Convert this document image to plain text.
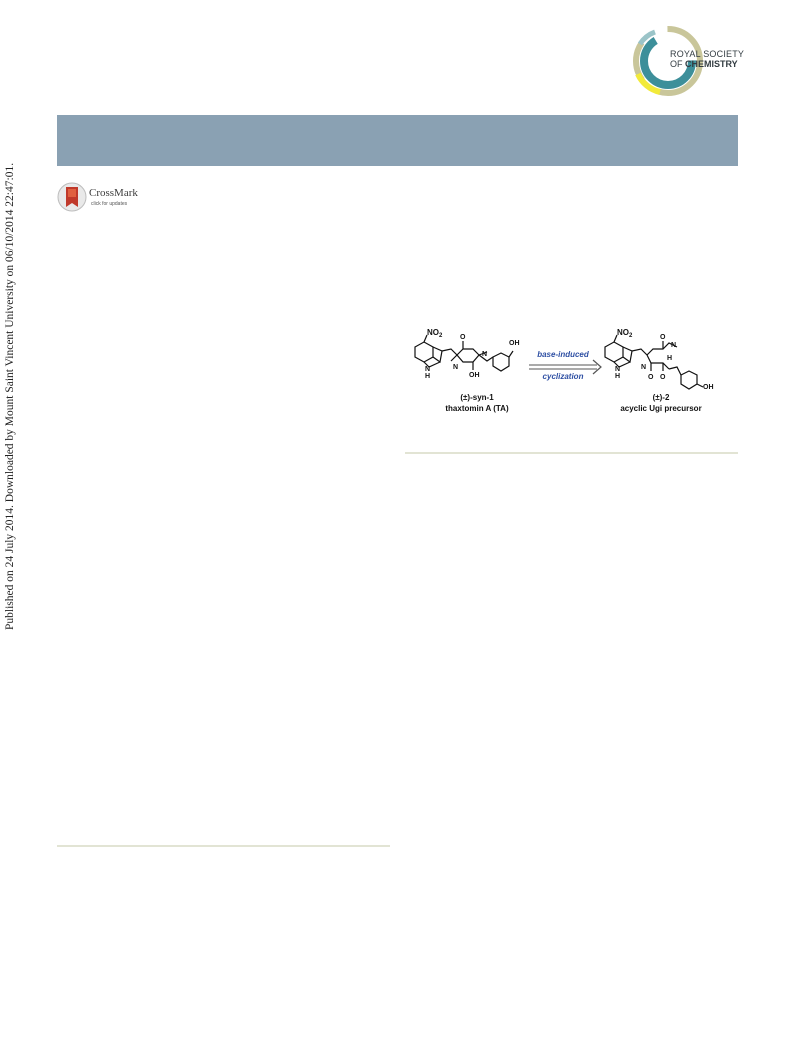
ROYAL SOCIETY
OF CHEMISTRY
CrossMark
click for updates
Published on 24 July 2014. Downloaded by Mount Saint Vincent University on 06/10/2014 22:47:01.	$NO_2$
N
H
OH
OH
O
N
N
(±)-syn-1
thaxtomin A (TA)
base-induced
cyclization
$NO_2$
N
H
OH
O
O O
H
N
N
(±)-2
acyclic Ugi precursor
